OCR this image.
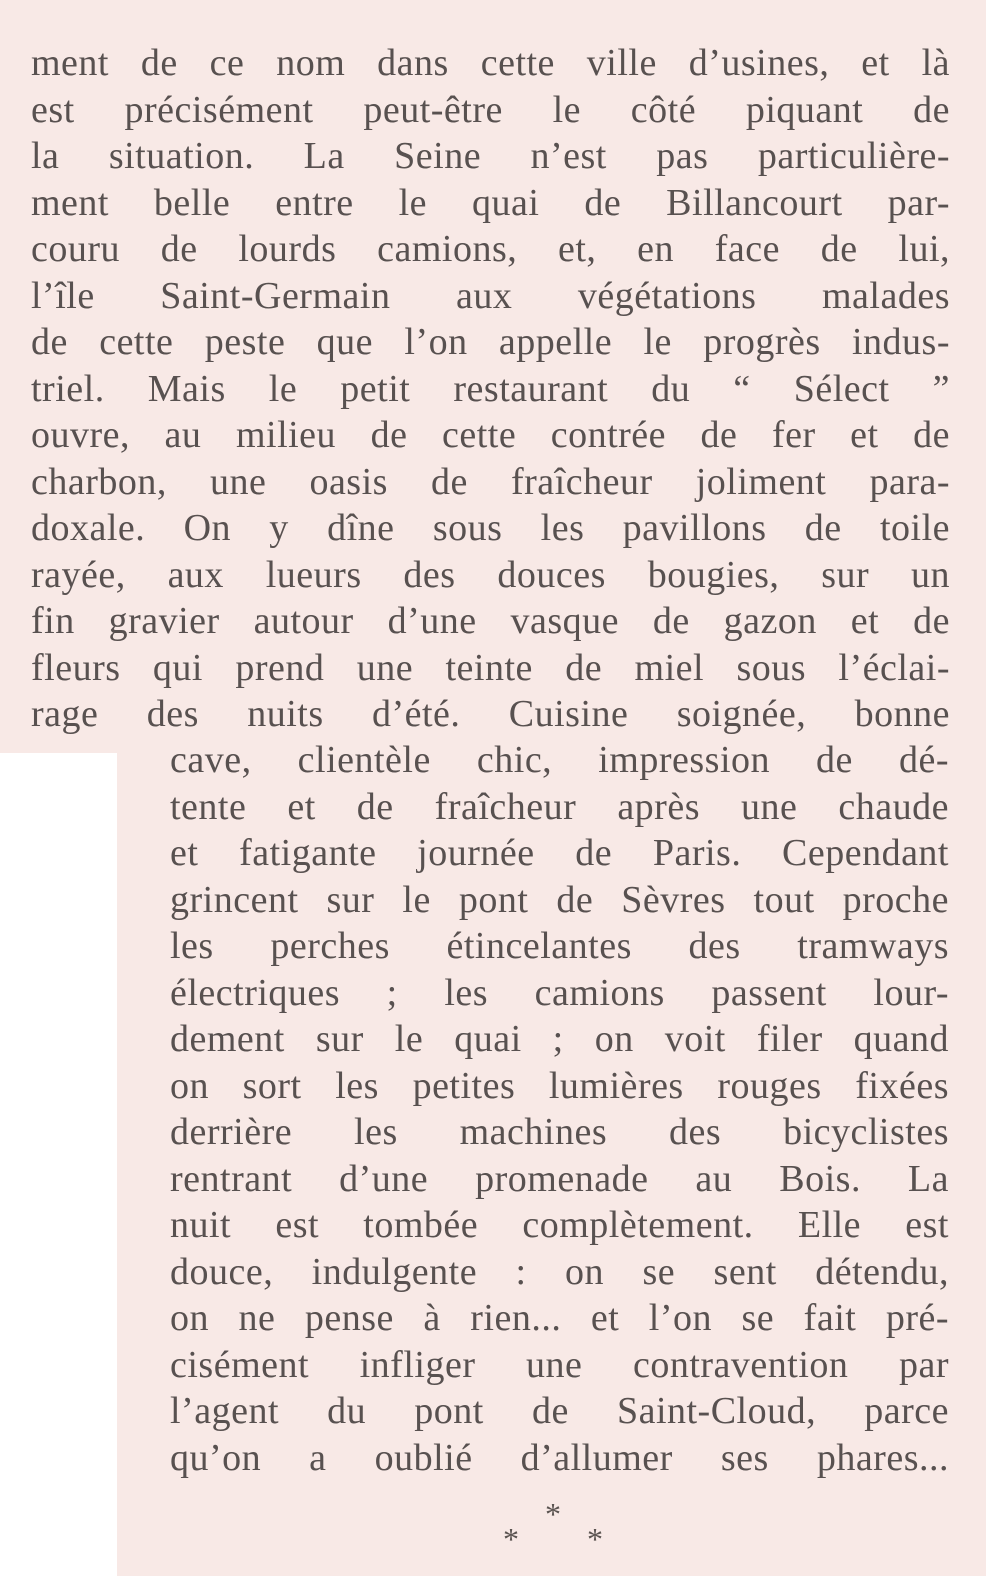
ment de ce nom dans cette ville d’usines, et là
est précisément peut-être le côté piquant de
la situation. La Seine n’est pas particulière-
ment belle entre le quai de Billancourt par-
couru de lourds camions, et, en face de lui,
l’île Saint-Germain aux végétations malades
de cette peste que l’on appelle le progrès indus-
triel. Mais le petit restaurant du “ Sélect ”
ouvre, au milieu de cette contrée de fer et de
charbon, une oasis de fraîcheur joliment para-
doxale. On y dîne sous les pavillons de toile
rayée, aux lueurs des douces bougies, sur un
fin gravier autour d’une vasque de gazon et de
fleurs qui prend une teinte de miel sous l’éclai-
rage des nuits d’été. Cuisine soignée, bonne
cave, clientèle chic, impression de dé-
tente et de fraîcheur après une chaude
et fatigante journée de Paris. Cependant
grincent sur le pont de Sèvres tout proche
les perches étincelantes des tramways
électriques ; les camions passent lour-
dement sur le quai ; on voit filer quand
on sort les petites lumières rouges fixées
derrière les machines des bicyclistes
rentrant d’une promenade au Bois. La
nuit est tombée complètement. Elle est
douce, indulgente : on se sent détendu,
on ne pense à rien... et l’on se fait pré-
cisément infliger une contravention par
l’agent du pont de Saint-Cloud, parce
qu’on a oublié d’allumer ses phares...
*
* *
